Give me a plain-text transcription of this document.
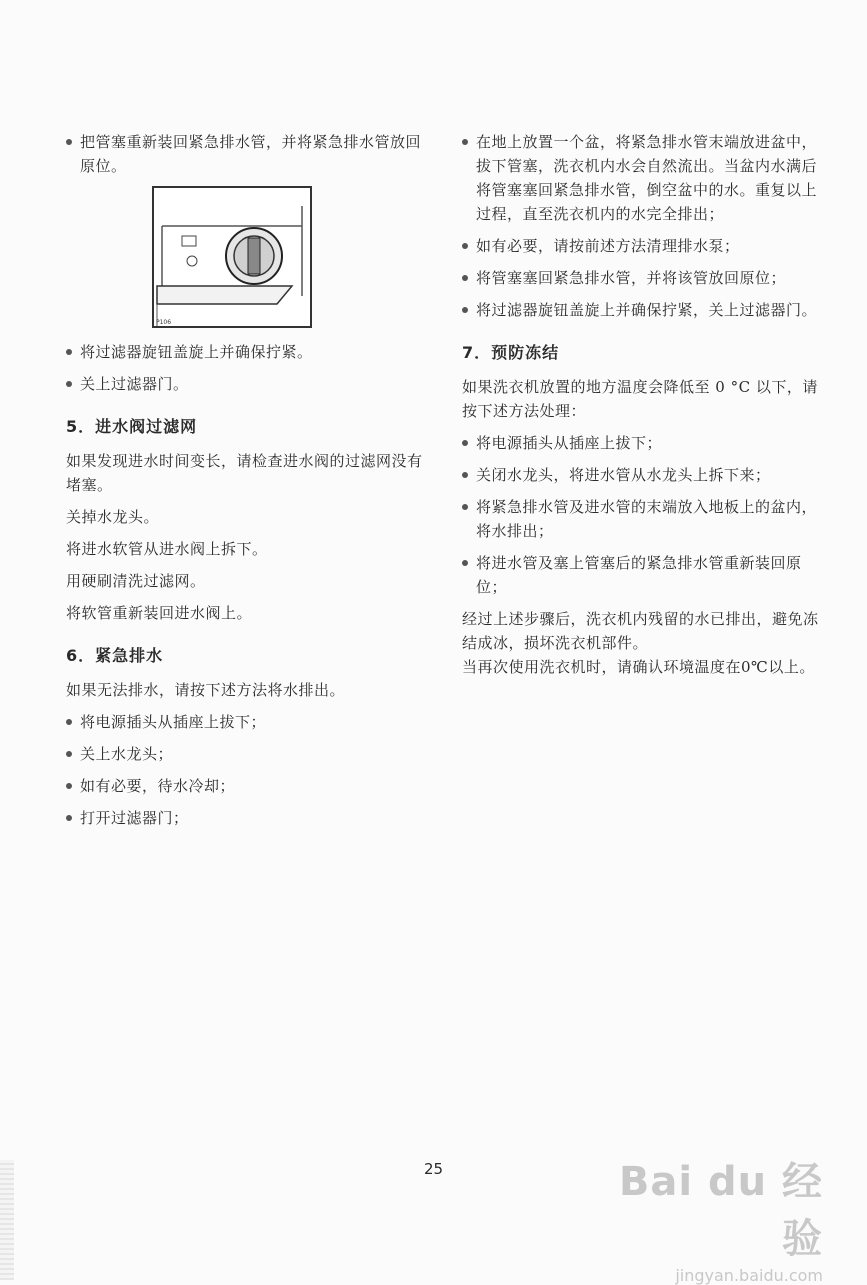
把管塞重新装回紧急排水管，并将紧急排水管放回原位。

P106

将过滤器旋钮盖旋上并确保拧紧。

关上过滤器门。

5．进水阀过滤网

如果发现进水时间变长，请检查进水阀的过滤网没有堵塞。

关掉水龙头。

将进水软管从进水阀上拆下。

用硬刷清洗过滤网。

将软管重新装回进水阀上。

6．紧急排水

如果无法排水，请按下述方法将水排出。

将电源插头从插座上拔下；

关上水龙头；

如有必要，待水冷却；

打开过滤器门；

在地上放置一个盆，将紧急排水管末端放进盆中，拔下管塞，洗衣机内水会自然流出。当盆内水满后将管塞塞回紧急排水管，倒空盆中的水。重复以上过程，直至洗衣机内的水完全排出；

如有必要，请按前述方法清理排水泵；

将管塞塞回紧急排水管，并将该管放回原位；

将过滤器旋钮盖旋上并确保拧紧，关上过滤器门。

7．预防冻结

如果洗衣机放置的地方温度会降低至 0 °C 以下，请按下述方法处理：

将电源插头从插座上拔下；

关闭水龙头，将进水管从水龙头上拆下来；

将紧急排水管及进水管的末端放入地板上的盆内，将水排出；

将进水管及塞上管塞后的紧急排水管重新装回原位；

经过上述步骤后，洗衣机内残留的水已排出，避免冻结成冰，损坏洗衣机部件。

当再次使用洗衣机时，请确认环境温度在0℃以上。

25	Bai du 经验
jingyan.baidu.com
